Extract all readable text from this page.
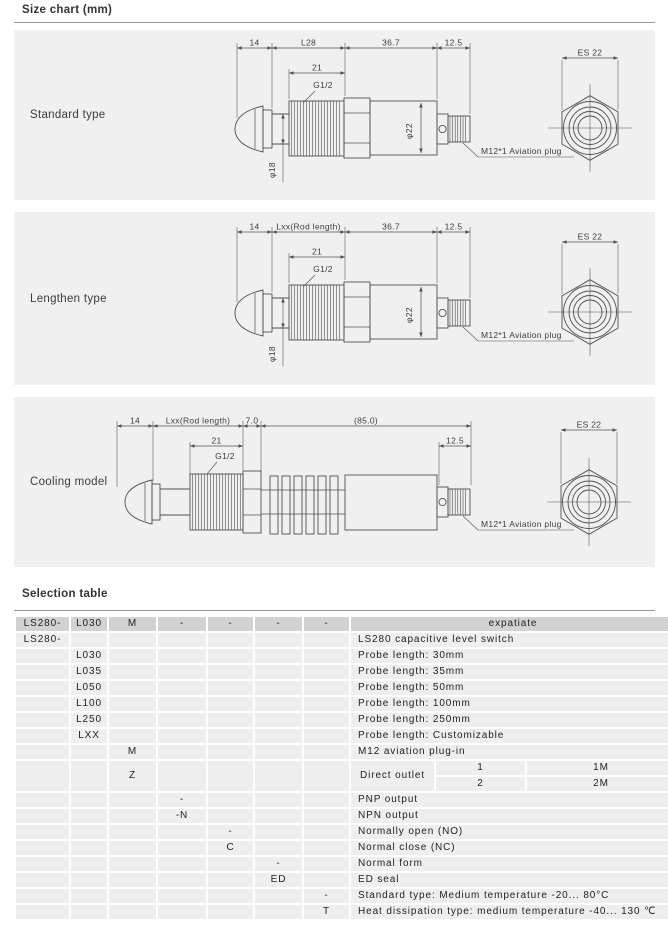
Size chart (mm)
Standard type
14	L28	36.7	12.5
21
G1/2
φ18
φ22
M12*1 Aviation plug
ES 22
Lengthen type
14 Lxx(Rod length)	36.7	12.5
21
G1/2
φ18
φ22
M12*1 Aviation plug
ES 22
Cooling model
14	Lxx(Rod length) 7.0	(85.0)
21	12.5
G1/2
M12*1 Aviation plug
ES 22
Selection table
LS280-	L030	M	-	-	-	-	expatiate		
LS280-							LS280 capacitive level switch		
	L030						Probe length: 30mm		
	L035						Probe length: 35mm		
	L050						Probe length: 50mm		
	L100						Probe length: 100mm		
	L250						Probe length: 250mm		
	LXX						Probe length: Customizable		
		M					M12 aviation plug-in		
		Z					Direct outlet	1	1M
								2	2M
			-				PNP output		
			-N				NPN output		
				-			Normally open (NO)		
				C			Normal close (NC)		
					-		Normal form		
					ED		ED seal		
						-	Standard type: Medium temperature -20... 80°C		
						T	Heat dissipation type: medium temperature -40... 130 ℃		
